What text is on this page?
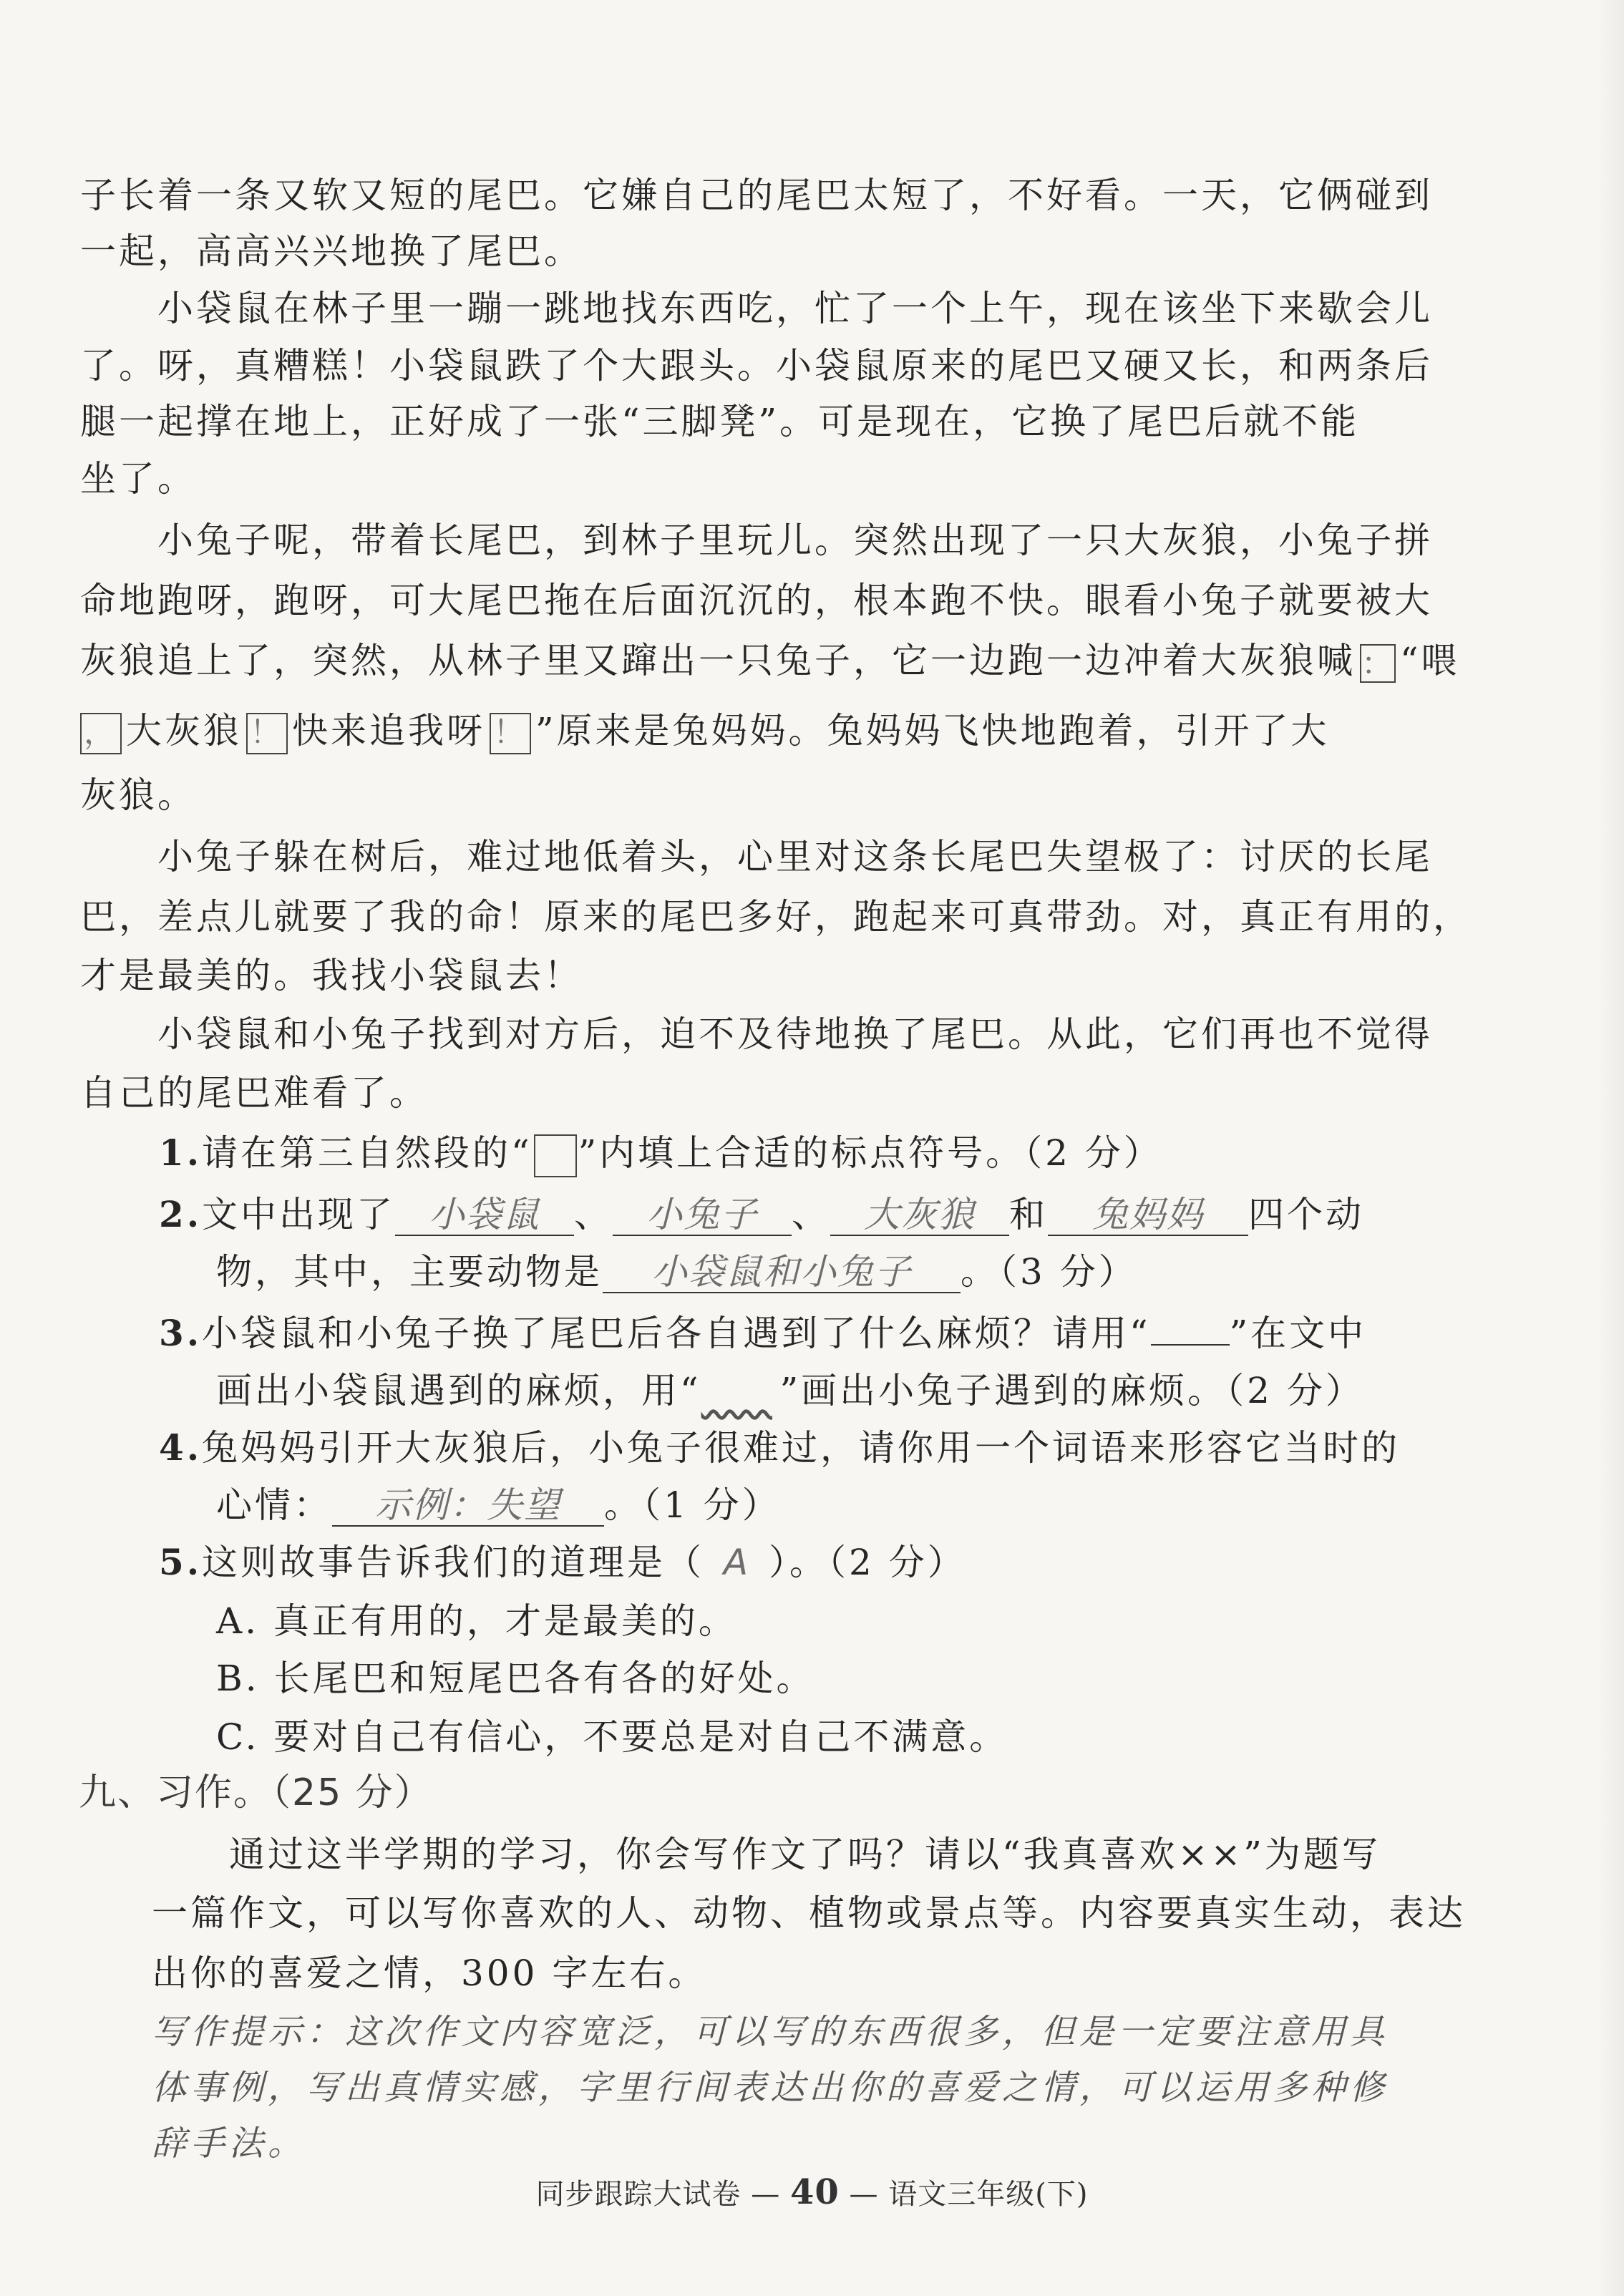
子长着一条又软又短的尾巴。它嫌自己的尾巴太短了，不好看。一天，它俩碰到
一起，高高兴兴地换了尾巴。
小袋鼠在林子里一蹦一跳地找东西吃，忙了一个上午，现在该坐下来歇会儿
了。呀，真糟糕！小袋鼠跌了个大跟头。小袋鼠原来的尾巴又硬又长，和两条后
腿一起撑在地上，正好成了一张“三脚凳”。可是现在，它换了尾巴后就不能
坐了。
小兔子呢，带着长尾巴，到林子里玩儿。突然出现了一只大灰狼，小兔子拼
命地跑呀，跑呀，可大尾巴拖在后面沉沉的，根本跑不快。眼看小兔子就要被大
灰狼追上了，突然，从林子里又蹿出一只兔子，它一边跑一边冲着大灰狼喊 ： “喂
， 大灰狼 ！ 快来追我呀 ！ ”原来是兔妈妈。兔妈妈飞快地跑着，引开了大
灰狼。
小兔子躲在树后，难过地低着头，心里对这条长尾巴失望极了：讨厌的长尾
巴，差点儿就要了我的命！原来的尾巴多好，跑起来可真带劲。对，真正有用的，
才是最美的。我找小袋鼠去！
小袋鼠和小兔子找到对方后，迫不及待地换了尾巴。从此，它们再也不觉得
自己的尾巴难看了。
1.请在第三自然段的“ ”内填上合适的标点符号。（2 分）
2.文中出现了 小袋鼠 、 小兔子 、 大灰狼 和 兔妈妈 四个动
物，其中，主要动物是 小袋鼠和小兔子 。（3 分）
3.小袋鼠和小兔子换了尾巴后各自遇到了什么麻烦？请用“ ”在文中
画出小袋鼠遇到的麻烦，用“ ”画出小兔子遇到的麻烦。（2 分）
4.兔妈妈引开大灰狼后，小兔子很难过，请你用一个词语来形容它当时的
心情： 示例：失望 。（1 分）
5.这则故事告诉我们的道理是（ A ）。（2 分）
A. 真正有用的，才是最美的。
B. 长尾巴和短尾巴各有各的好处。
C. 要对自己有信心，不要总是对自己不满意。
九、习作。（25 分）
通过这半学期的学习，你会写作文了吗？请以“我真喜欢××”为题写
一篇作文，可以写你喜欢的人、动物、植物或景点等。内容要真实生动，表达
出你的喜爱之情，300 字左右。
写作提示：这次作文内容宽泛，可以写的东西很多，但是一定要注意用具
体事例，写出真情实感，字里行间表达出你的喜爱之情，可以运用多种修
辞手法。
同步跟踪大试卷 — 40 — 语文三年级(下)
